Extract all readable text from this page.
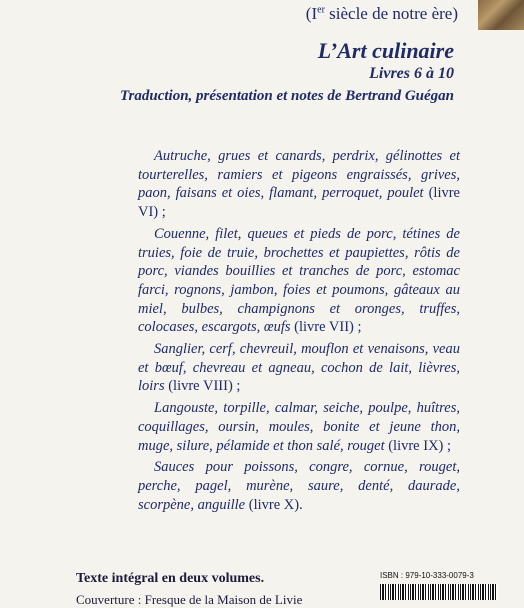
(Ier siècle de notre ère)

L’Art culinaire
Livres 6 à 10
Traduction, présentation et notes de Bertrand Guégan

Autruche, grues et canards, perdrix, gélinottes et tourterelles, ramiers et pigeons engraissés, grives, paon, faisans et oies, flamant, perroquet, poulet (livre VI) ;

Couenne, filet, queues et pieds de porc, tétines de truies, foie de truie, brochettes et paupiettes, rôtis de porc, viandes bouillies et tranches de porc, estomac farci, rognons, jambon, foies et poumons, gâteaux au miel, bulbes, champignons et oronges, truffes, colocases, escargots, œufs (livre VII) ;

Sanglier, cerf, chevreuil, mouflon et venaisons, veau et bœuf, chevreau et agneau, cochon de lait, lièvres, loirs (livre VIII) ;

Langouste, torpille, calmar, seiche, poulpe, huîtres, coquillages, oursin, moules, bonite et jeune thon, muge, silure, pélamide et thon salé, rouget (livre IX) ;

Sauces pour poissons, congre, cornue, rouget, perche, pagel, murène, saure, denté, daurade, scorpène, anguille (livre X).

Texte intégral en deux volumes.

Couverture : Fresque de la Maison de Livie

ISBN : 979-10-333-0079-3
